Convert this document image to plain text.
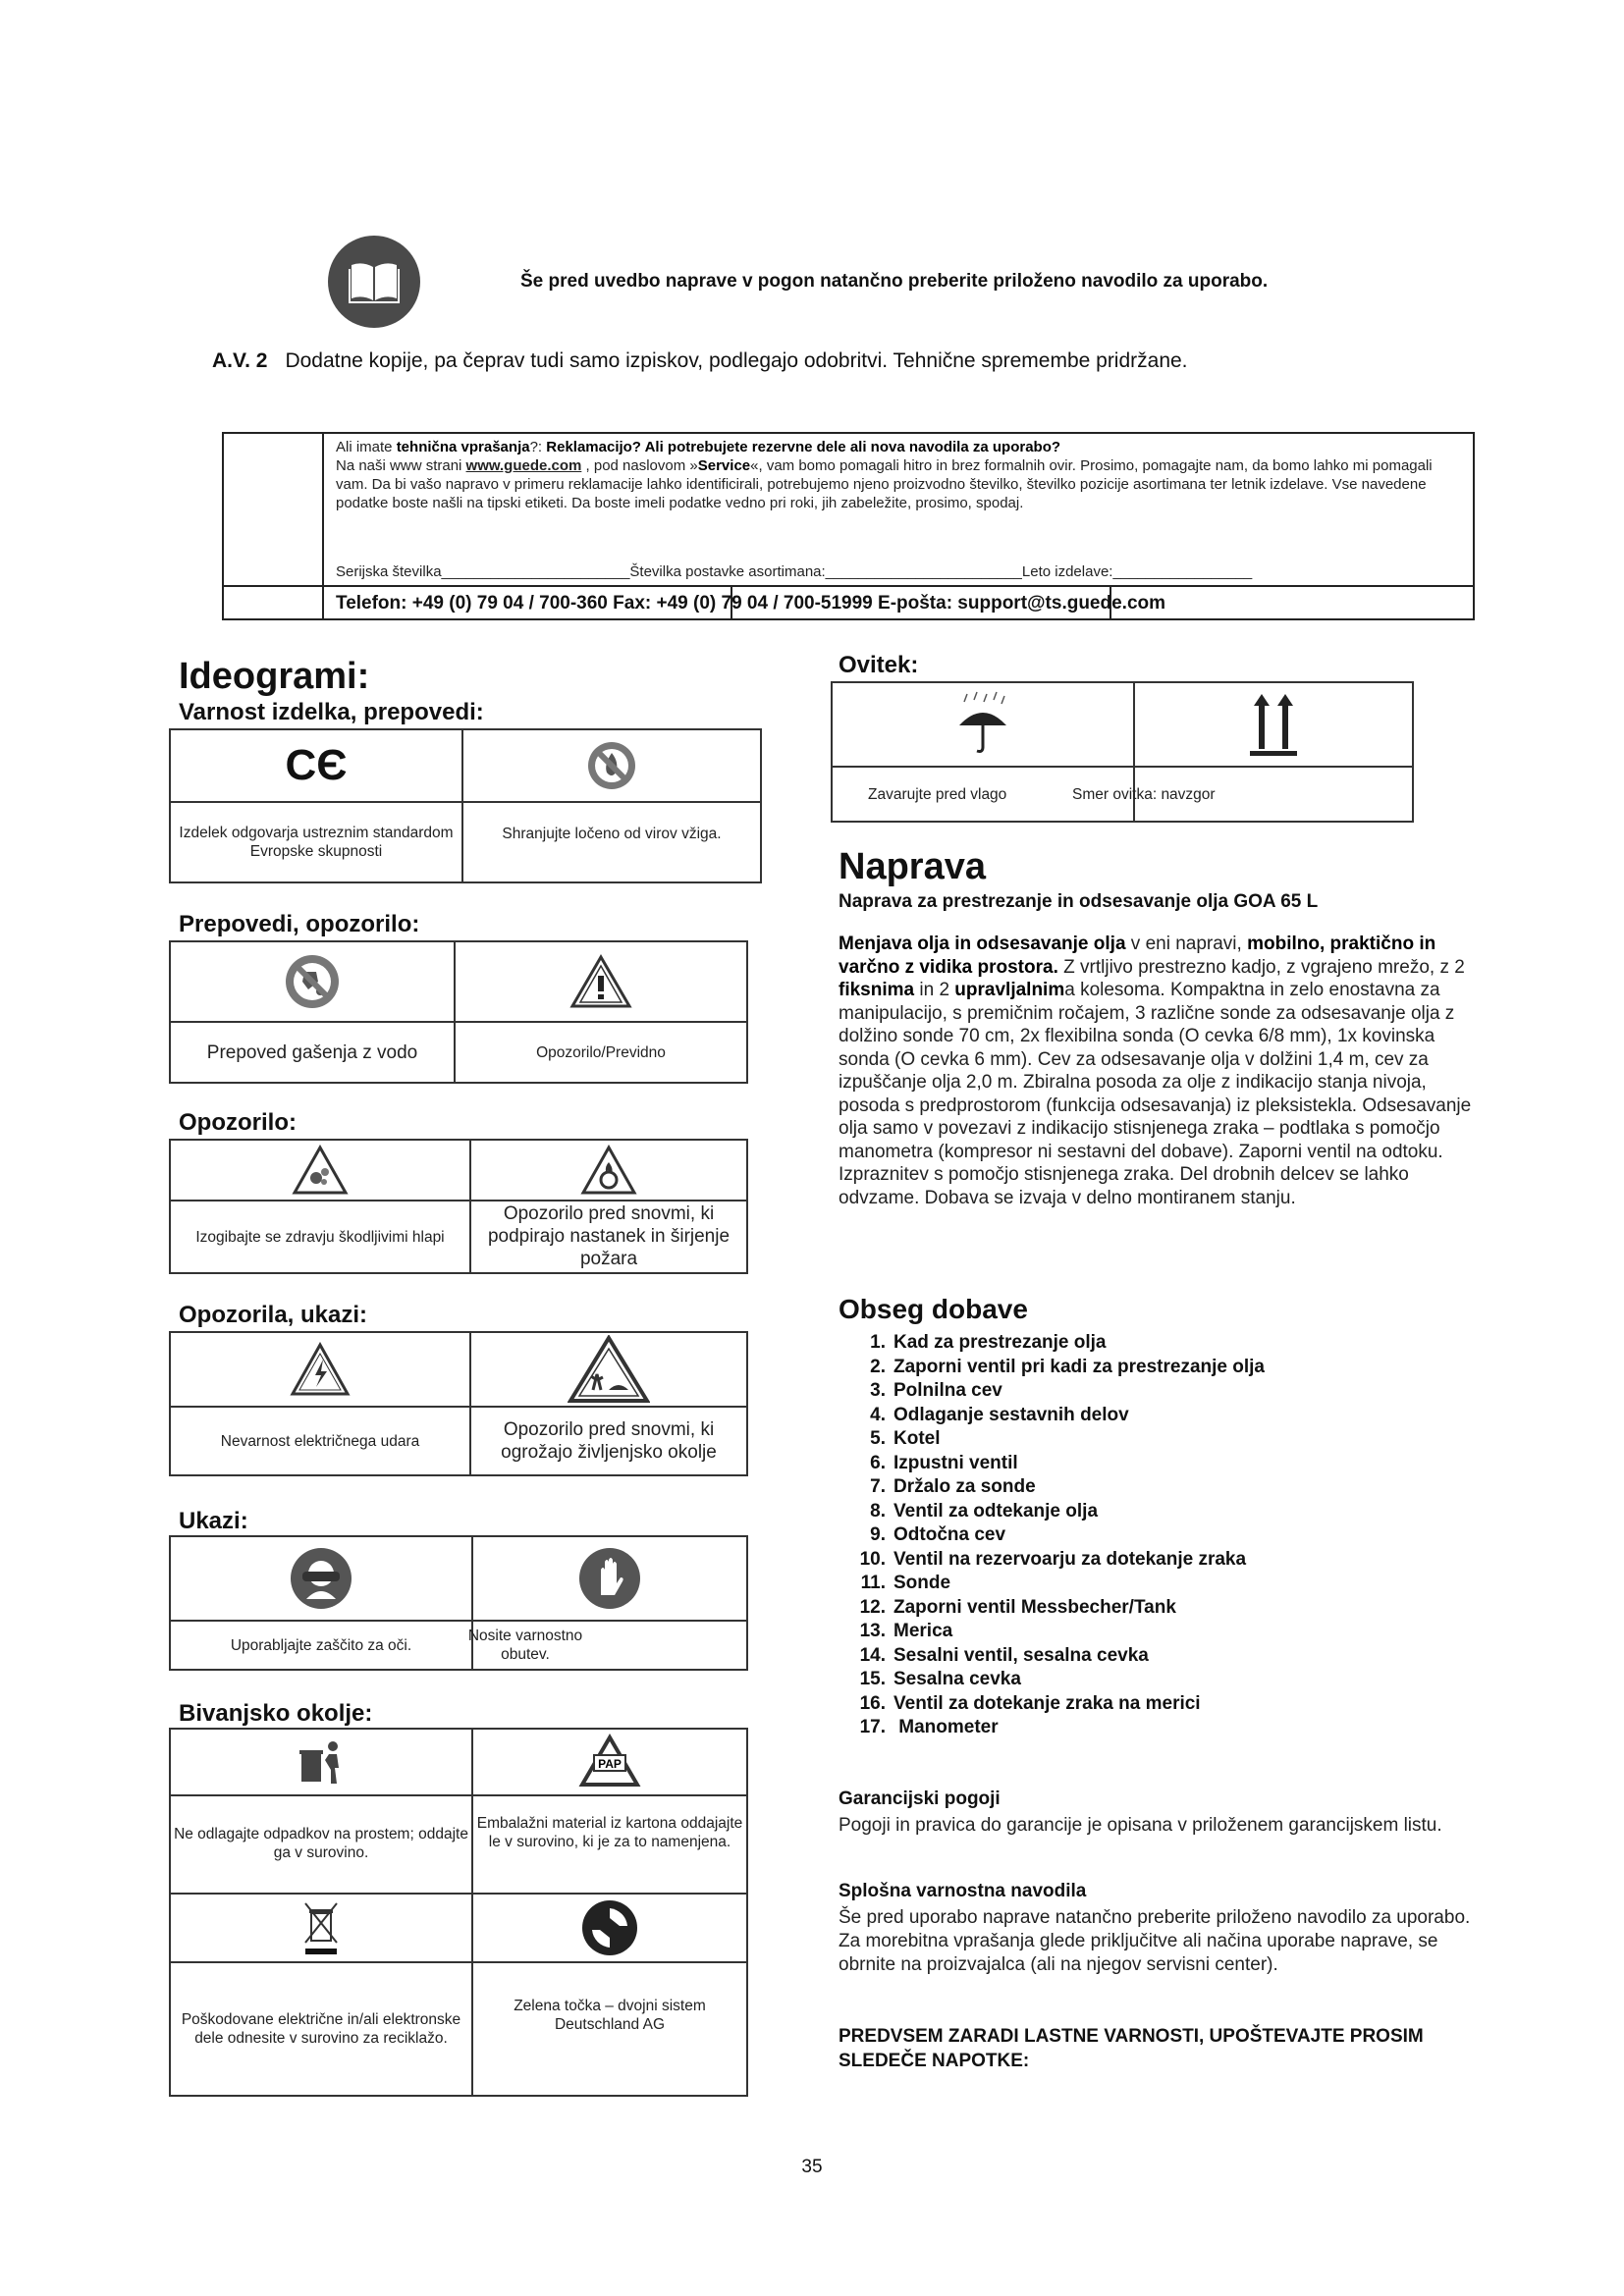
Še pred uvedbo naprave v pogon natančno preberite priloženo navodilo za uporabo.
A.V. 2 Dodatne kopije, pa čeprav tudi samo izpiskov, podlegajo odobritvi. Tehnične spremembe pridržane.
Ali imate tehnična vprašanja?: Reklamacijo? Ali potrebujete rezervne dele ali nova navodila za uporabo?
Na naši www strani www.guede.com , pod naslovom »Service«, vam bomo pomagali hitro in brez formalnih ovir. Prosimo, pomagajte nam, da bomo lahko mi pomagali vam. Da bi vašo napravo v primeru reklamacije lahko identificirali, potrebujemo njeno proizvodno številko, številko pozicije asortimana ter letnik izdelave. Vse navedene podatke boste našli na tipski etiketi. Da boste imeli podatke vedno pri roki, jih zabeležite, prosimo, spodaj.
Serijska številka_______________________Številka postavke asortimana:________________________Leto izdelave:_________________
Telefon: +49 (0) 79 04 / 700-360 Fax: +49 (0) 79 04 / 700-51999 E-pošta: support@ts.guede.com
Ideogrami:
Varnost izdelka, prepovedi:
CЄ
Izdelek odgovarja ustreznim standardom Evropske skupnosti
Shranjujte ločeno od virov vžiga.
Prepovedi, opozorilo:
Prepoved gašenja z vodo	Opozorilo/Previdno
Opozorilo:
Izogibajte se zdravju škodljivimi hlapi
Opozorilo pred snovmi, ki podpirajo nastanek in širjenje požara
Opozorila, ukazi:
Nevarnost električnega udara
Opozorilo pred snovmi, ki ogrožajo življenjsko okolje
Ukazi:
Uporabljajte zaščito za oči.
Nosite varnostno obutev.
Bivanjsko okolje:
PAP
Ne odlagajte odpadkov na prostem; oddajte ga v surovino.
Embalažni material iz kartona oddajajte le v surovino, ki je za to namenjena.
Poškodovane električne in/ali elektronske dele odnesite v surovino za reciklažo.
Zelena točka – dvojni sistem Deutschland AG
Ovitek:
Zavarujte pred vlago	Smer ovitka: navzgor
Naprava
Naprava za prestrezanje in odsesavanje olja GOA 65 L
Menjava olja in odsesavanje olja v eni napravi, mobilno, praktično in varčno z vidika prostora. Z vrtljivo prestrezno kadjo, z vgrajeno mrežo, z 2 fiksnima in 2 upravljalnima kolesoma. Kompaktna in zelo enostavna za manipulacijo, s premičnim ročajem, 3 različne sonde za odsesavanje olja z dolžino sonde 70 cm, 2x flexibilna sonda (O cevka 6/8 mm), 1x kovinska sonda (O cevka 6 mm). Cev za odsesavanje olja v dolžini 1,4 m, cev za izpuščanje olja 2,0 m. Zbiralna posoda za olje z indikacijo stanja nivoja, posoda s predprostorom (funkcija odsesavanja) iz pleksistekla. Odsesavanje olja samo v povezavi z indikacijo stisnjenega zraka – podtlaka s pomočjo manometra (kompresor ni sestavni del dobave). Zaporni ventil na odtoku. Izpraznitev s pomočjo stisnjenega zraka. Del drobnih delcev se lahko odvzame. Dobava se izvaja v delno montiranem stanju.
Obseg dobave
1. Kad za prestrezanje olja
2. Zaporni ventil pri kadi za prestrezanje olja
3. Polnilna cev
4. Odlaganje sestavnih delov
5. Kotel
6. Izpustni ventil
7. Držalo za sonde
8. Ventil za odtekanje olja
9. Odtočna cev
10. Ventil na rezervoarju za dotekanje zraka
11. Sonde
12. Zaporni ventil Messbecher/Tank
13. Merica
14. Sesalni ventil, sesalna cevka
15. Sesalna cevka
16. Ventil za dotekanje zraka na merici
17. Manometer
Garancijski pogoji
Pogoji in pravica do garancije je opisana v priloženem garancijskem listu.
Splošna varnostna navodila
Še pred uporabo naprave natančno preberite priloženo navodilo za uporabo. Za morebitna vprašanja glede priključitve ali načina uporabe naprave, se obrnite na proizvajalca (ali na njegov servisni center).
PREDVSEM ZARADI LASTNE VARNOSTI, UPOŠTEVAJTE PROSIM SLEDEČE NAPOTKE:
35
